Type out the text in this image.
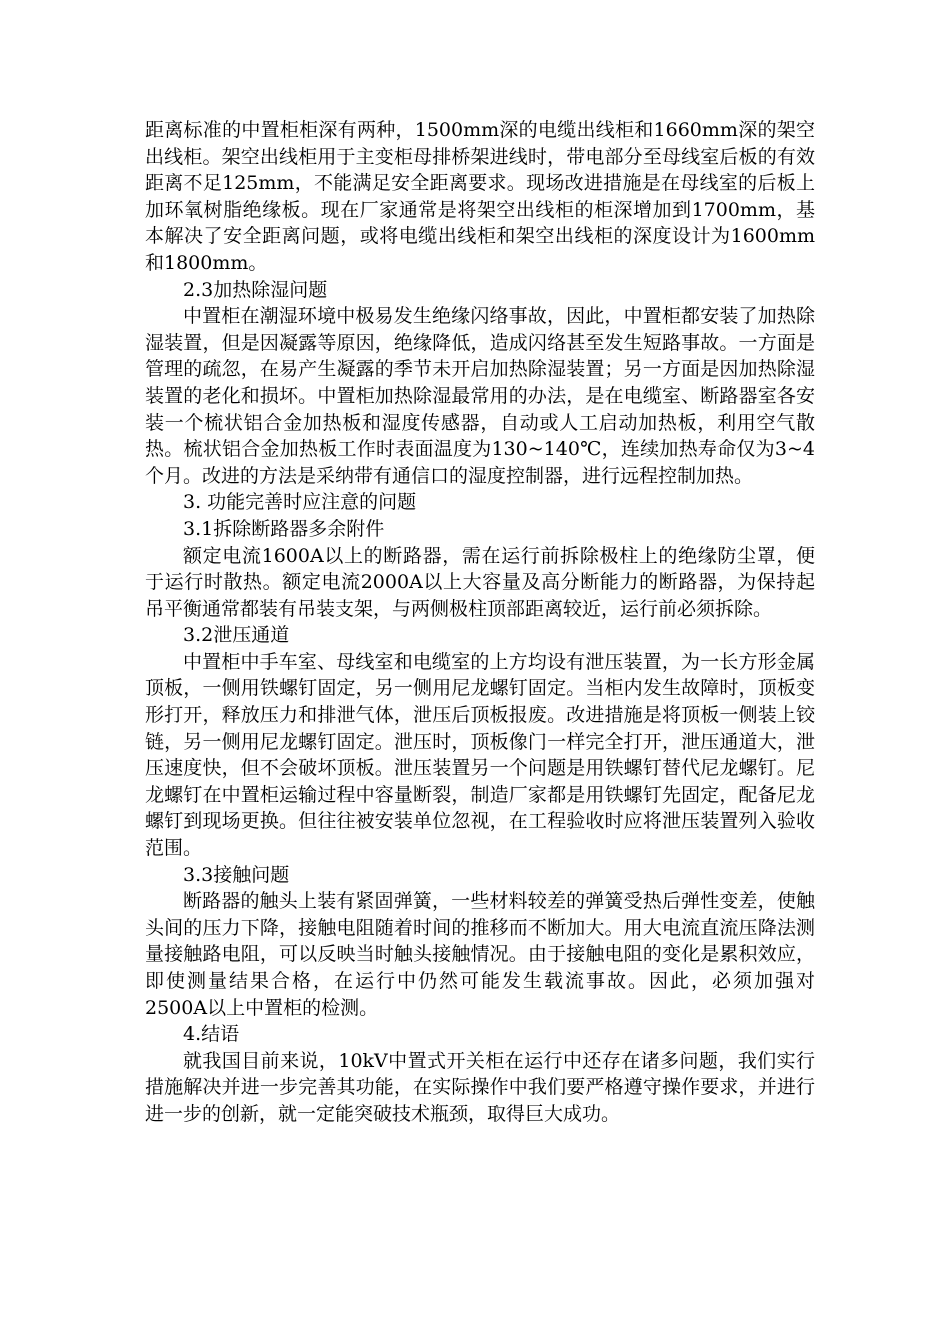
距离标准的中置柜柜深有两种，1500mm深的电缆出线柜和1660mm深的架空出线柜。架空出线柜用于主变柜母排桥架进线时，带电部分至母线室后板的有效距离不足125mm，不能满足安全距离要求。现场改进措施是在母线室的后板上加环氧树脂绝缘板。现在厂家通常是将架空出线柜的柜深增加到1700mm，基本解决了安全距离问题，或将电缆出线柜和架空出线柜的深度设计为1600mm和1800mm。

2.3加热除湿问题

中置柜在潮湿环境中极易发生绝缘闪络事故，因此，中置柜都安装了加热除湿装置，但是因凝露等原因，绝缘降低，造成闪络甚至发生短路事故。一方面是管理的疏忽，在易产生凝露的季节未开启加热除湿装置；另一方面是因加热除湿装置的老化和损坏。中置柜加热除湿最常用的办法，是在电缆室、断路器室各安装一个梳状铝合金加热板和湿度传感器，自动或人工启动加热板，利用空气散热。梳状铝合金加热板工作时表面温度为130~140℃，连续加热寿命仅为3~4个月。改进的方法是采纳带有通信口的湿度控制器，进行远程控制加热。

3. 功能完善时应注意的问题

3.1拆除断路器多余附件

额定电流1600A以上的断路器，需在运行前拆除极柱上的绝缘防尘罩，便于运行时散热。额定电流2000A以上大容量及高分断能力的断路器，为保持起吊平衡通常都装有吊装支架，与两侧极柱顶部距离较近，运行前必须拆除。

3.2泄压通道

中置柜中手车室、母线室和电缆室的上方均设有泄压装置，为一长方形金属顶板，一侧用铁螺钉固定，另一侧用尼龙螺钉固定。当柜内发生故障时，顶板变形打开，释放压力和排泄气体，泄压后顶板报废。改进措施是将顶板一侧装上铰链，另一侧用尼龙螺钉固定。泄压时，顶板像门一样完全打开，泄压通道大，泄压速度快，但不会破坏顶板。泄压装置另一个问题是用铁螺钉替代尼龙螺钉。尼龙螺钉在中置柜运输过程中容量断裂，制造厂家都是用铁螺钉先固定，配备尼龙螺钉到现场更换。但往往被安装单位忽视，在工程验收时应将泄压装置列入验收范围。

3.3接触问题

断路器的触头上装有紧固弹簧，一些材料较差的弹簧受热后弹性变差，使触头间的压力下降，接触电阻随着时间的推移而不断加大。用大电流直流压降法测量接触路电阻，可以反映当时触头接触情况。由于接触电阻的变化是累积效应，即使测量结果合格，在运行中仍然可能发生载流事故。因此，必须加强对2500A以上中置柜的检测。

4.结语

就我国目前来说，10kV中置式开关柜在运行中还存在诸多问题，我们实行措施解决并进一步完善其功能，在实际操作中我们要严格遵守操作要求，并进行进一步的创新，就一定能突破技术瓶颈，取得巨大成功。
